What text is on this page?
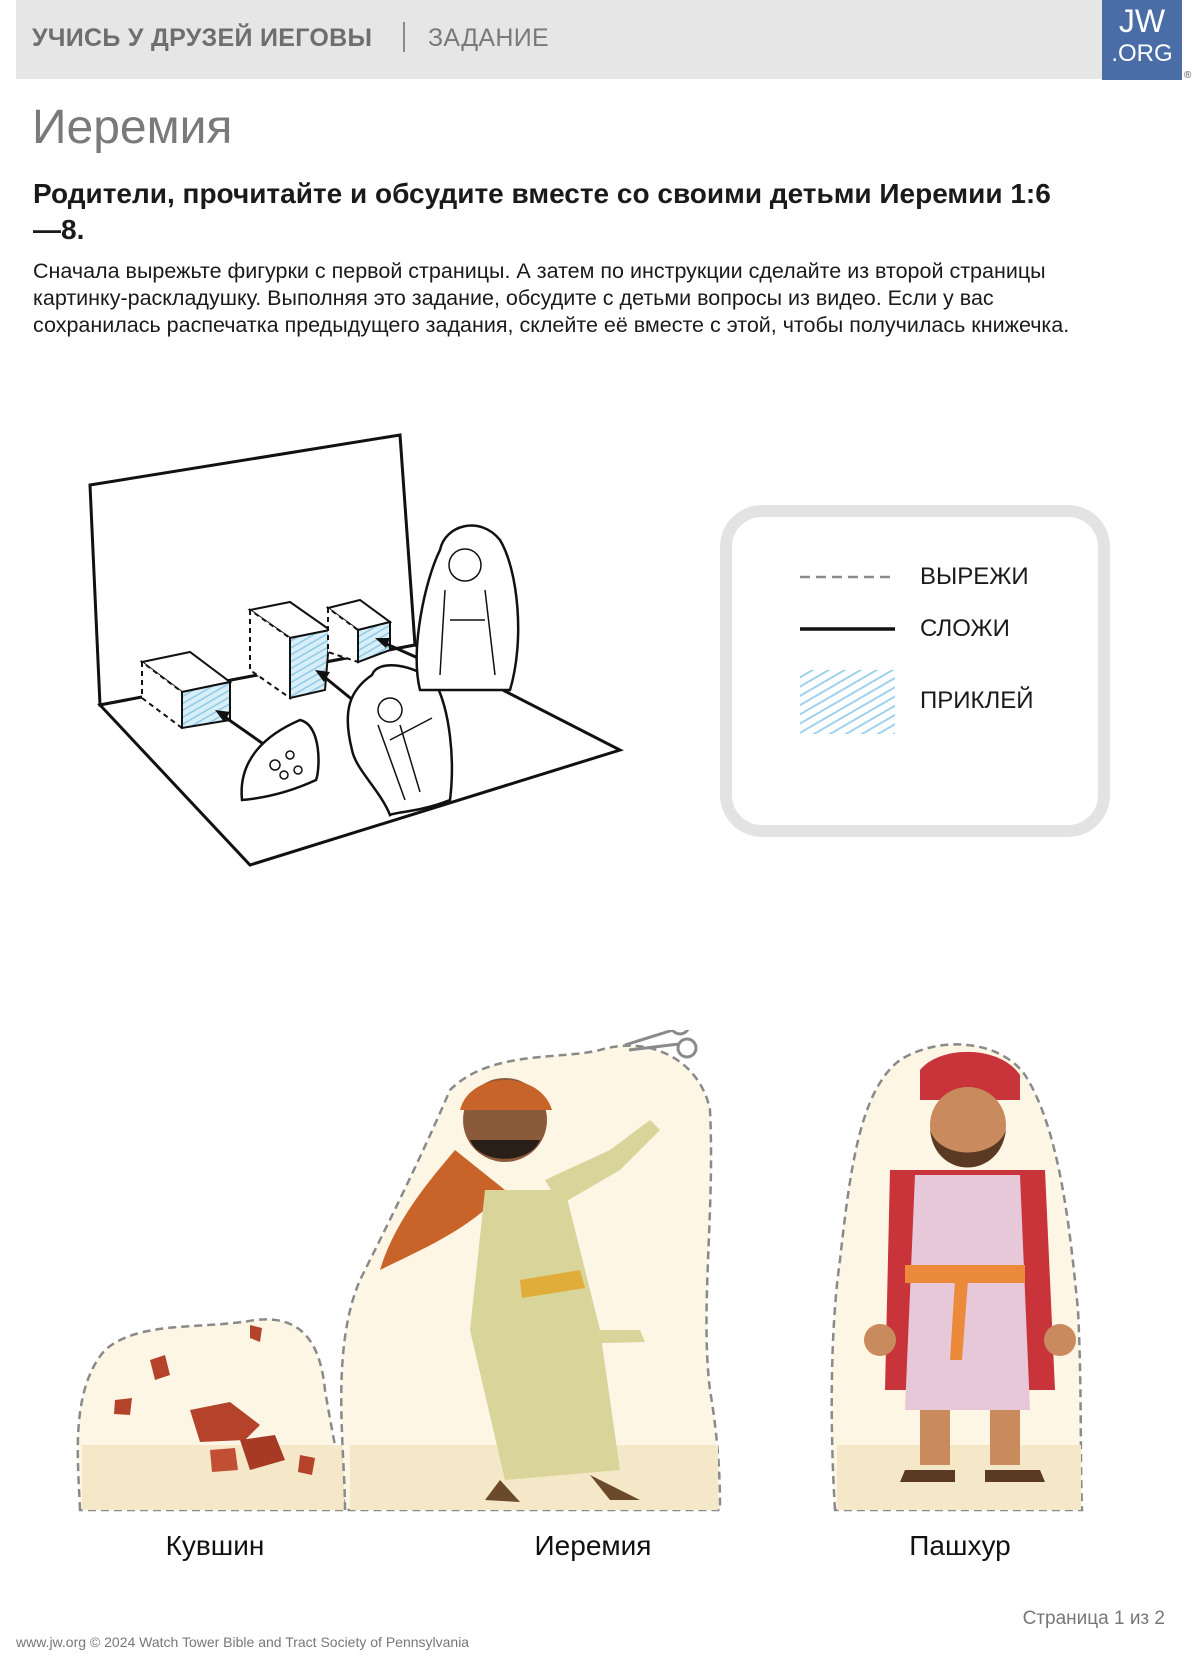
УЧИСЬ У ДРУЗЕЙ ИЕГОВЫ ЗАДАНИЕ	JW
.ORG
®
Иеремия

Родители, прочитайте и обсудите вместе со своими детьми Иеремии 1:6—8.

Сначала вырежьте фигурки с первой страницы. А затем по инструкции сделайте из второй страницы картинку-раскладушку. Выполняя это задание, обсудите с детьми вопросы из видео. Если у вас сохранилась распечатка предыдущего задания, склейте её вместе с этой, чтобы получилась книжечка.

ВЫРЕЖИ
СЛОЖИ
ПРИКЛЕЙ
Кувшин	Иеремия	Пашхур
Страница 1 из 2
www.jw.org © 2024 Watch Tower Bible and Tract Society of Pennsylvania
